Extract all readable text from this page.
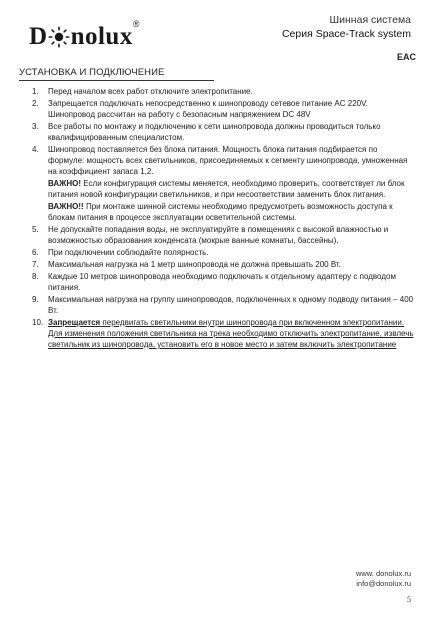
D nolux®	Шинная система
Серия Space-Track system
EAC
УСТАНОВКА И ПОДКЛЮЧЕНИЕ
1. Перед началом всех работ отключите электропитание.

2. Запрещается подключать непосредственно к шинопроводу сетевое питание AC 220V. Шинопровод рассчитан на работу с безопасным напряжением DC 48V

3. Все работы по монтажу и подключению к сети шинопровода должны проводиться только квалифицированным специалистом.

4. Шинопровод поставляется без блока питания. Мощность блока питания подбирается по формуле: мощность всех светильников, присоединяемых к сегменту шинопровода, умноженная на коэффициент запаса 1,2.

ВАЖНО! Если конфигурация системы меняется, необходимо проверить, соответствует ли блок питания новой конфигурации светильников, и при несоответствии заменить блок питания.
ВАЖНО!! При монтаже шинной системы необходимо предусмотреть возможность доступа к блокам питания в процессе эксплуатации осветительной системы.
5. Не допускайте попадания воды, не эксплуатируйте в помещениях с высокой влажностью и возможностью образования конденсата (мокрые ванные комнаты, бассейны).

6. При подключении соблюдайте полярность.

7. Максимальная нагрузка на 1 метр шинопровода не должна превышать 200 Вт.

8. Каждые 10 метров шинопровода необходимо подключать к отдельному адаптеру с подводом питания.

9. Максимальная нагрузка на группу шинопроводов, подключенных к одному подводу питания – 400 Вт.

10. Запрещается передвигать светильники внутри шинопровода при включенном электропитании.

Для изменения положения светильника на трека необходимо отключить электропитание, извлечь светильник из шинопровода, установить его в новое место и затем включить электропитание

www. donolux.ru
info@donolux.ru
5
